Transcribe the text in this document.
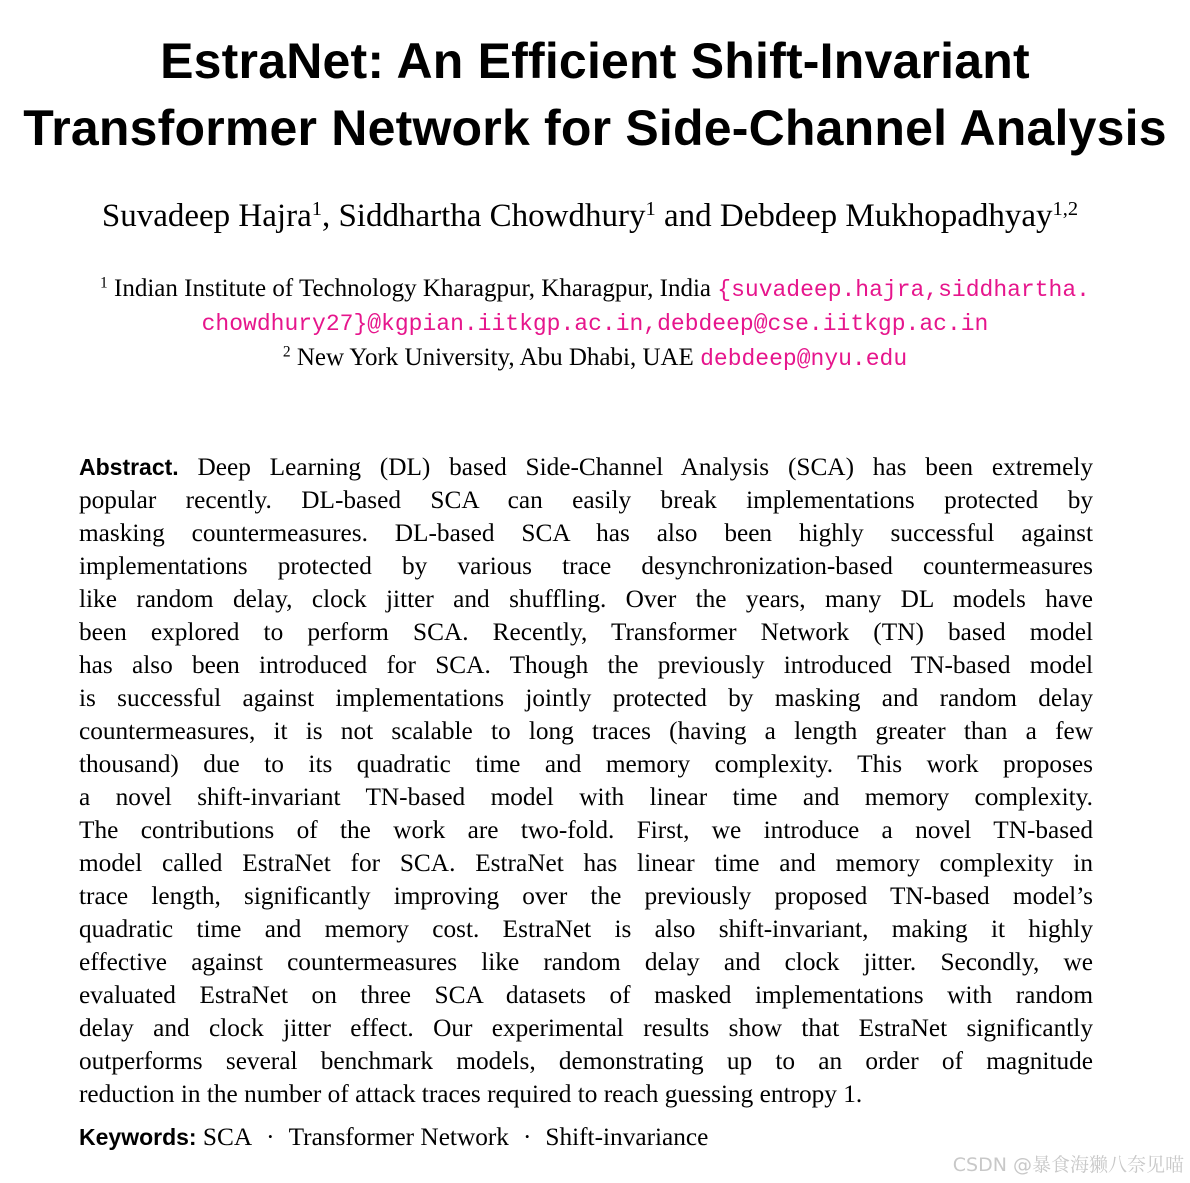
EstraNet: An Efficient Shift-Invariant
Transformer Network for Side-Channel Analysis
Suvadeep Hajra$^1$, Siddhartha Chowdhury$^1$ and Debdeep Mukhopadhyay$^{1,2}$
$^1$ Indian Institute of Technology Kharagpur, Kharagpur, India {suvadeep.hajra,siddhartha.
chowdhury27}@kgpian.iitkgp.ac.in,debdeep@cse.iitkgp.ac.in
$^2$ New York University, Abu Dhabi, UAE debdeep@nyu.edu
Abstract. Deep Learning (DL) based Side-Channel Analysis (SCA) has been extremely
popular recently. DL-based SCA can easily break implementations protected by
masking countermeasures. DL-based SCA has also been highly successful against
implementations protected by various trace desynchronization-based countermeasures
like random delay, clock jitter and shuffling. Over the years, many DL models have
been explored to perform SCA. Recently, Transformer Network (TN) based model
has also been introduced for SCA. Though the previously introduced TN-based model
is successful against implementations jointly protected by masking and random delay
countermeasures, it is not scalable to long traces (having a length greater than a few
thousand) due to its quadratic time and memory complexity. This work proposes
a novel shift-invariant TN-based model with linear time and memory complexity.
The contributions of the work are two-fold. First, we introduce a novel TN-based
model called EstraNet for SCA. EstraNet has linear time and memory complexity in
trace length, significantly improving over the previously proposed TN-based model’s
quadratic time and memory cost. EstraNet is also shift-invariant, making it highly
effective against countermeasures like random delay and clock jitter. Secondly, we
evaluated EstraNet on three SCA datasets of masked implementations with random
delay and clock jitter effect. Our experimental results show that EstraNet significantly
outperforms several benchmark models, demonstrating up to an order of magnitude
reduction in the number of attack traces required to reach guessing entropy 1.
Keywords: SCA · Transformer Network · Shift-invariance
CSDN @暴食海獭八奈见喵
